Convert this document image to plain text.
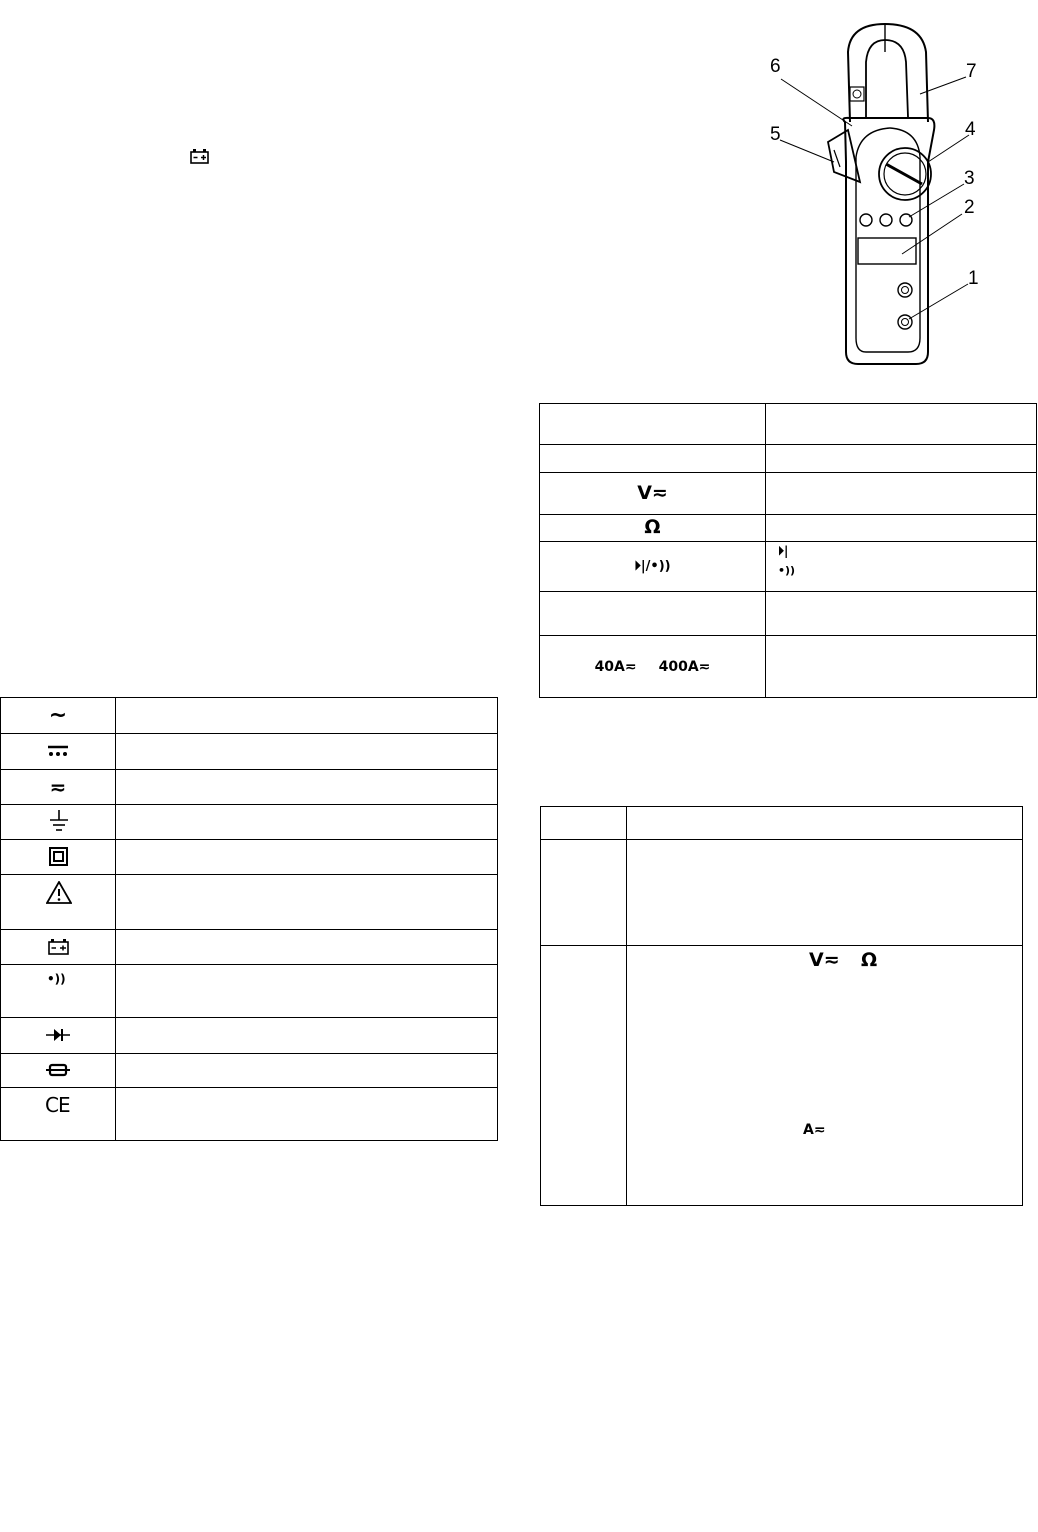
6	7
5	4
3
2
1
V≂
Ω
⏵|/•))
⏵|
•))
40A≂ 400A≂
V≂ Ω
A≂
~
≂
•))
CE
